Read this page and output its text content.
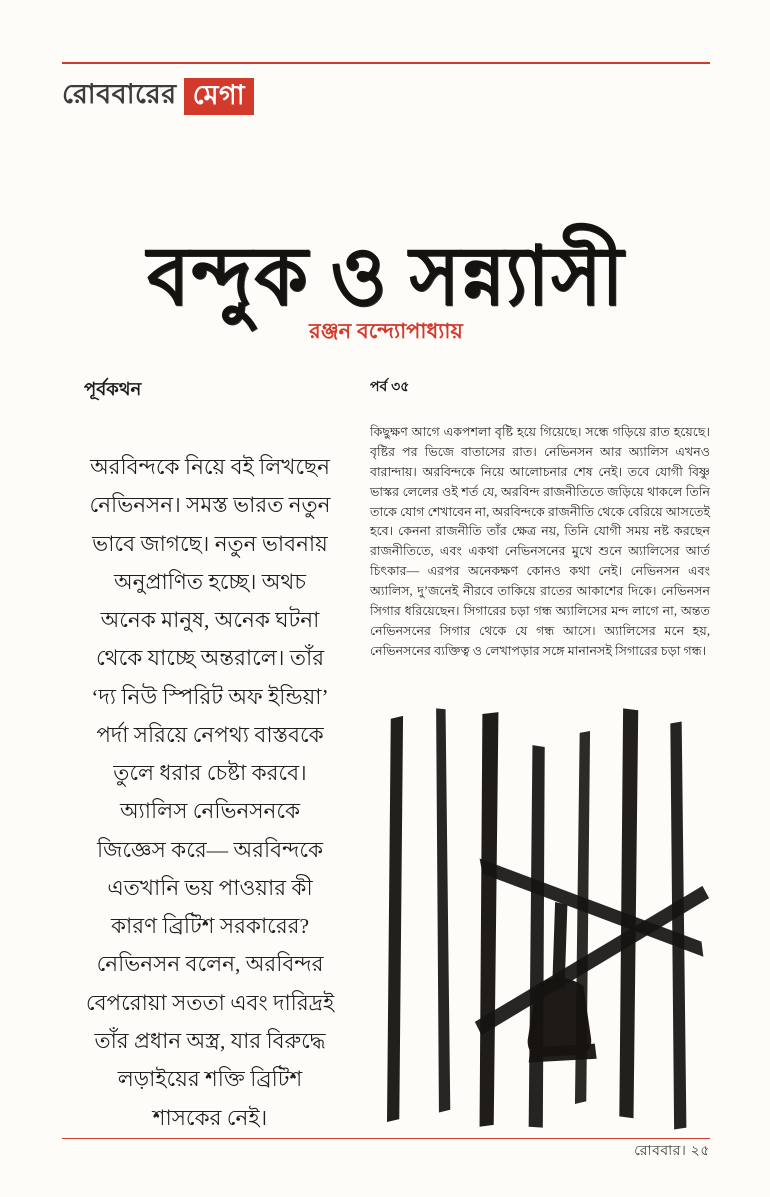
রোববারের মেগা
বন্দুক ও সন্ন্যাসী
রঞ্জন বন্দ্যোপাধ্যায়
পূর্বকথন
অরবিন্দকে নিয়ে বই লিখছেন নেভিনসন। সমস্ত ভারত নতুন ভাবে জাগছে। নতুন ভাবনায় অনুপ্রাণিত হচ্ছে। অথচ অনেক মানুষ, অনেক ঘটনা থেকে যাচ্ছে অন্তরালে। তাঁর ‘দ্য নিউ স্পিরিট অফ ইন্ডিয়া’ পর্দা সরিয়ে নেপথ্য বাস্তবকে তুলে ধরার চেষ্টা করবে। অ্যালিস নেভিনসনকে জিজ্ঞেস করে— অরবিন্দকে এতখানি ভয় পাওয়ার কী কারণ ব্রিটিশ সরকারের? নেভিনসন বলেন, অরবিন্দর বেপরোয়া সততা এবং দারিদ্রই তাঁর প্রধান অস্ত্র, যার বিরুদ্ধে লড়াইয়ের শক্তি ব্রিটিশ শাসকের নেই।
পর্ব ৩৫
কিছুক্ষণ আগে একপশলা বৃষ্টি হয়ে গিয়েছে। সন্ধে গড়িয়ে রাত হয়েছে। বৃষ্টির পর ভিজে বাতাসের রাত। নেভিনসন আর অ্যালিস এখনও বারান্দায়। অরবিন্দকে নিয়ে আলোচনার শেষ নেই। তবে যোগী বিষ্ণু ভাস্কর লেলের ওই শর্ত যে, অরবিন্দ রাজনীতিতে জড়িয়ে থাকলে তিনি তাকে যোগ শেখাবেন না, অরবিন্দকে রাজনীতি থেকে বেরিয়ে আসতেই হবে। কেননা রাজনীতি তাঁর ক্ষেত্র নয়, তিনি যোগী সময় নষ্ট করছেন রাজনীতিতে, এবং একথা নেভিনসনের মুখে শুনে অ্যালিসের আর্ত চিৎকার— এরপর অনেকক্ষণ কোনও কথা নেই। নেভিনসন এবং অ্যালিস, দু’জনেই নীরবে তাকিয়ে রাতের আকাশের দিকে। নেভিনসন সিগার ধরিয়েছেন। সিগারের চড়া গন্ধ অ্যালিসের মন্দ লাগে না, অন্তত নেভিনসনের সিগার থেকে যে গন্ধ আসে। অ্যালিসের মনে হয়, নেভিনসনের ব্যক্তিত্ব ও লেখাপড়ার সঙ্গে মানানসই সিগারের চড়া গন্ধ।
রোববার। ২৫
